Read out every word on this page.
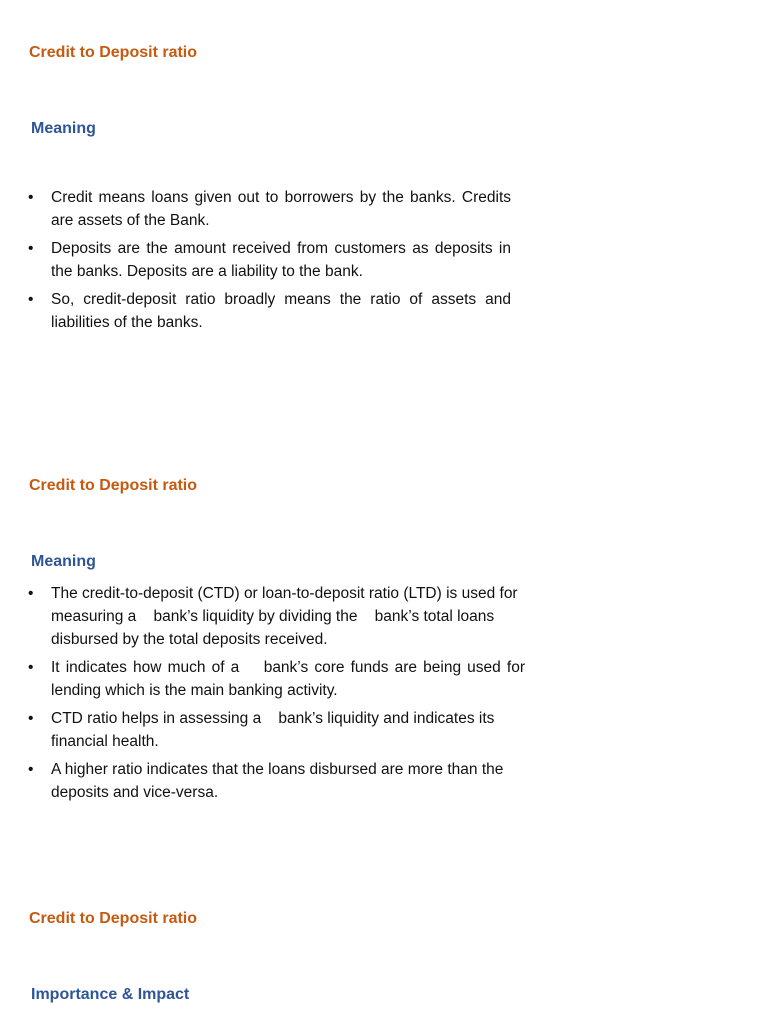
Credit to Deposit ratio
Meaning
• Credit means loans given out to borrowers by the banks. Credits are assets of the Bank.
• Deposits are the amount received from customers as deposits in the banks. Deposits are a liability to the bank.
• So, credit-deposit ratio broadly means the ratio of assets and liabilities of the banks.
Credit to Deposit ratio
Meaning
• The credit-to-deposit (CTD) or loan-to-deposit ratio (LTD) is used for measuring a    bank’s liquidity by dividing the    bank’s total loans disbursed by the total deposits received.
• It indicates how much of a    bank’s core funds are being used for lending which is the main banking activity.
• CTD ratio helps in assessing a    bank’s liquidity and indicates its financial health.
• A higher ratio indicates that the loans disbursed are more than the deposits and vice-versa.
Credit to Deposit ratio
Importance & Impact
